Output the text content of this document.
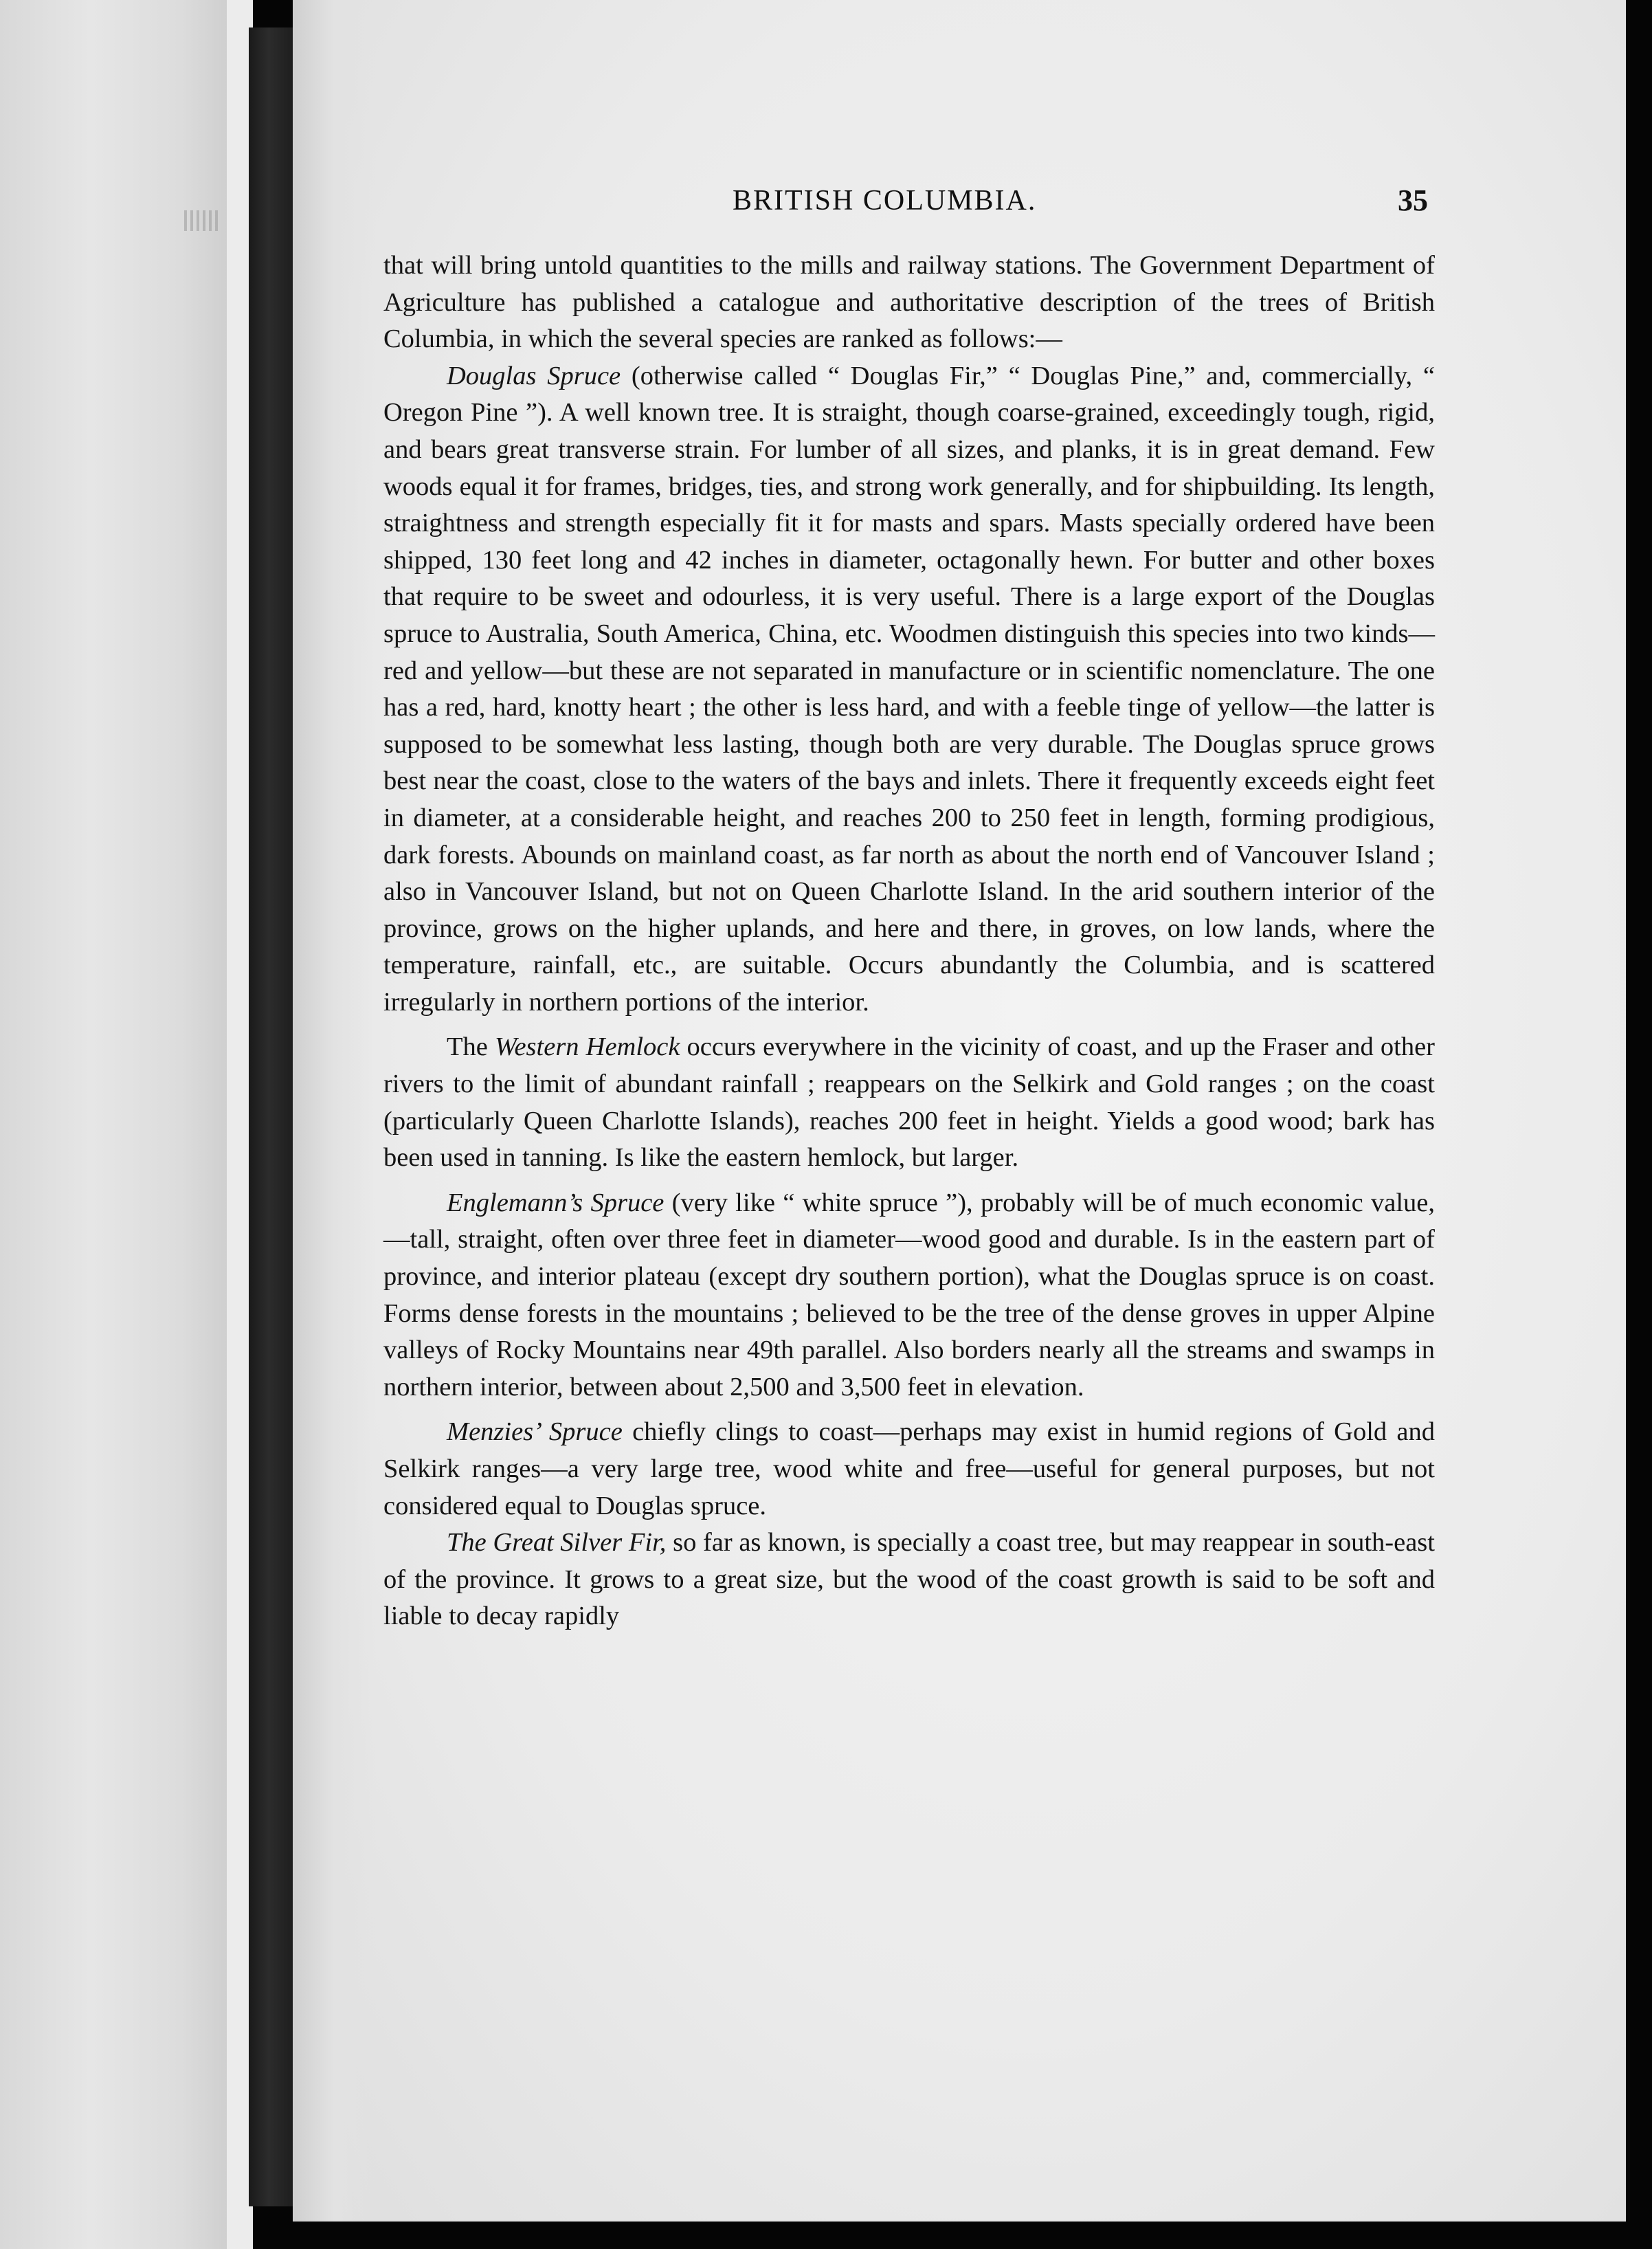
BRITISH COLUMBIA.	35

that will bring untold quantities to the mills and railway stations. The Government Department of Agriculture has published a catalogue and authoritative description of the trees of British Columbia, in which the several species are ranked as follows:—

Douglas Spruce (otherwise called “ Douglas Fir,” “ Douglas Pine,” and, commercially, “ Oregon Pine ”). A well known tree. It is straight, though coarse-grained, exceedingly tough, rigid, and bears great transverse strain. For lumber of all sizes, and planks, it is in great demand. Few woods equal it for frames, bridges, ties, and strong work generally, and for shipbuilding. Its length, straightness and strength especially fit it for masts and spars. Masts specially ordered have been shipped, 130 feet long and 42 inches in diameter, octagonally hewn. For butter and other boxes that require to be sweet and odourless, it is very useful. There is a large export of the Douglas spruce to Australia, South America, China, etc. Woodmen distinguish this species into two kinds—red and yellow—but these are not separated in manufacture or in scientific nomenclature. The one has a red, hard, knotty heart ; the other is less hard, and with a feeble tinge of yellow—the latter is supposed to be somewhat less lasting, though both are very durable. The Douglas spruce grows best near the coast, close to the waters of the bays and inlets. There it frequently exceeds eight feet in diameter, at a considerable height, and reaches 200 to 250 feet in length, forming prodigious, dark forests. Abounds on mainland coast, as far north as about the north end of Vancouver Island ; also in Vancouver Island, but not on Queen Charlotte Island. In the arid southern interior of the province, grows on the higher uplands, and here and there, in groves, on low lands, where the temperature, rainfall, etc., are suitable. Occurs abundantly the Columbia, and is scattered irregularly in northern portions of the interior.

The Western Hemlock occurs everywhere in the vicinity of coast, and up the Fraser and other rivers to the limit of abundant rainfall ; reappears on the Selkirk and Gold ranges ; on the coast (particularly Queen Charlotte Islands), reaches 200 feet in height. Yields a good wood; bark has been used in tanning. Is like the eastern hemlock, but larger.

Englemann’s Spruce (very like “ white spruce ”), probably will be of much economic value,—tall, straight, often over three feet in diameter—wood good and durable. Is in the eastern part of province, and interior plateau (except dry southern portion), what the Douglas spruce is on coast. Forms dense forests in the mountains ; believed to be the tree of the dense groves in upper Alpine valleys of Rocky Mountains near 49th parallel. Also borders nearly all the streams and swamps in northern interior, between about 2,500 and 3,500 feet in elevation.

Menzies’ Spruce chiefly clings to coast—perhaps may exist in humid regions of Gold and Selkirk ranges—a very large tree, wood white and free—useful for general purposes, but not considered equal to Douglas spruce.

The Great Silver Fir, so far as known, is specially a coast tree, but may reappear in south-east of the province. It grows to a great size, but the wood of the coast growth is said to be soft and liable to decay rapidly
